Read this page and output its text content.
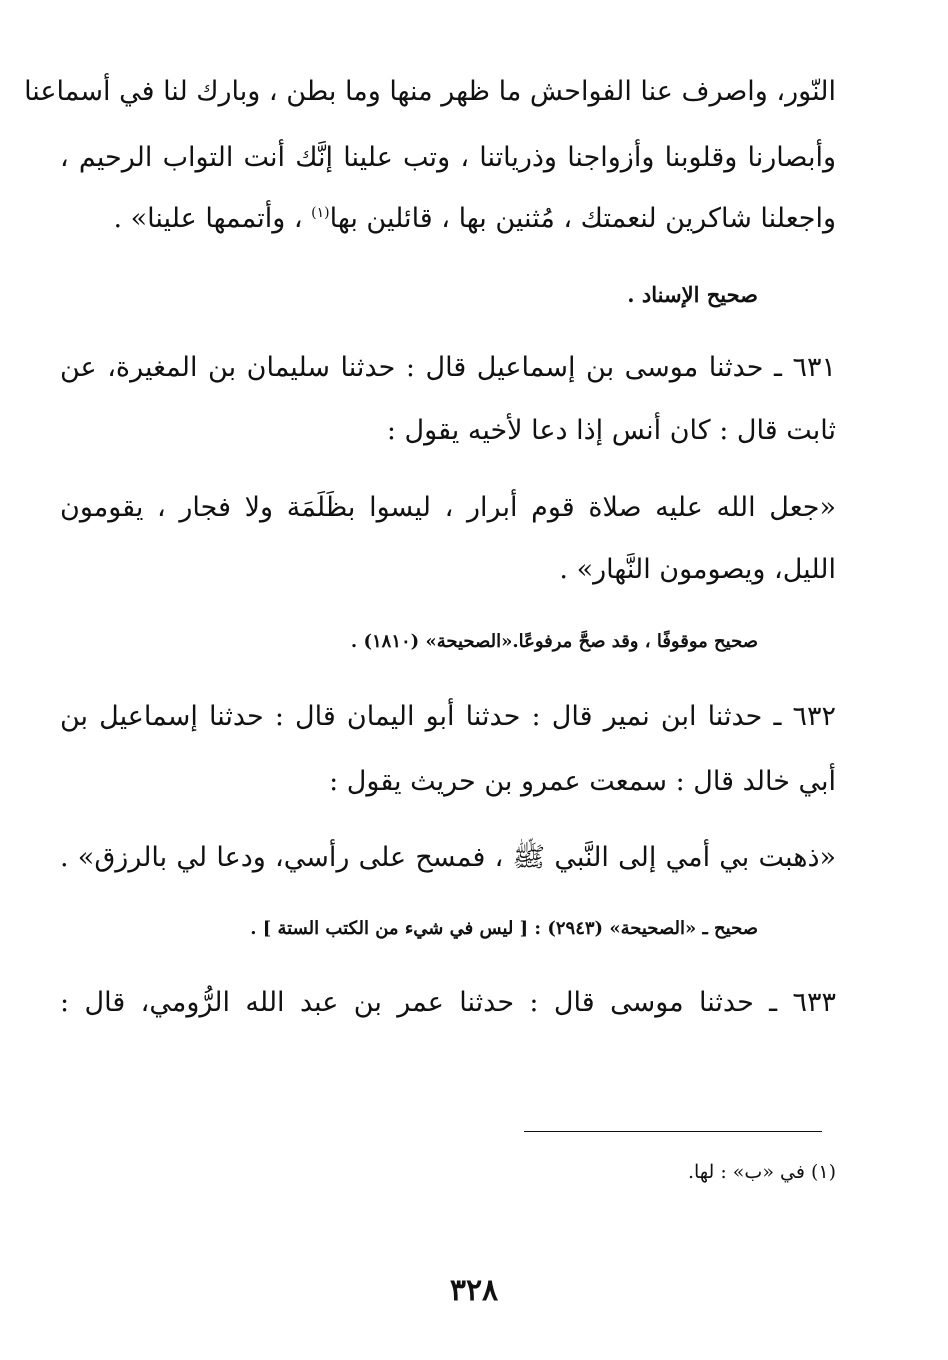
النّور، واصرف عنا الفواحش ما ظهر منها وما بطن ، وبارك لنا في أسماعنا
وأبصارنا وقلوبنا وأزواجنا وذرياتنا ، وتب علينا إنَّك أنت التواب الرحيم ،
واجعلنا شاكرين لنعمتك ، مُثنين بها ، قائلين بها$^{(١)}$ ، وأتممها علينا» .
صحيح الإسناد .
٦٣١ ـ حدثنا موسى بن إسماعيل قال : حدثنا سليمان بن المغيرة، عن
ثابت قال : كان أنس إذا دعا لأخيه يقول :
«جعل الله عليه صلاة قوم أبرار ، ليسوا بظَلَمَة ولا فجار ، يقومون
الليل، ويصومون النَّهار» .
صحيح موقوفًا ، وقد صحَّ مرفوعًا.«الصحيحة» (١٨١٠) .
٦٣٢ ـ حدثنا ابن نمير قال : حدثنا أبو اليمان قال : حدثنا إسماعيل بن
أبي خالد قال : سمعت عمرو بن حريث يقول :
«ذهبت بي أمي إلى النَّبي ﷺ ، فمسح على رأسي، ودعا لي بالرزق» .
صحيح ـ «الصحيحة» (٢٩٤٣) : [ ليس في شيء من الكتب الستة ] .
٦٣٣ ـ حدثنا موسى قال : حدثنا عمر بن عبد الله الرُّومي، قال :
(١) في «ب» : لها.
٣٢٨
